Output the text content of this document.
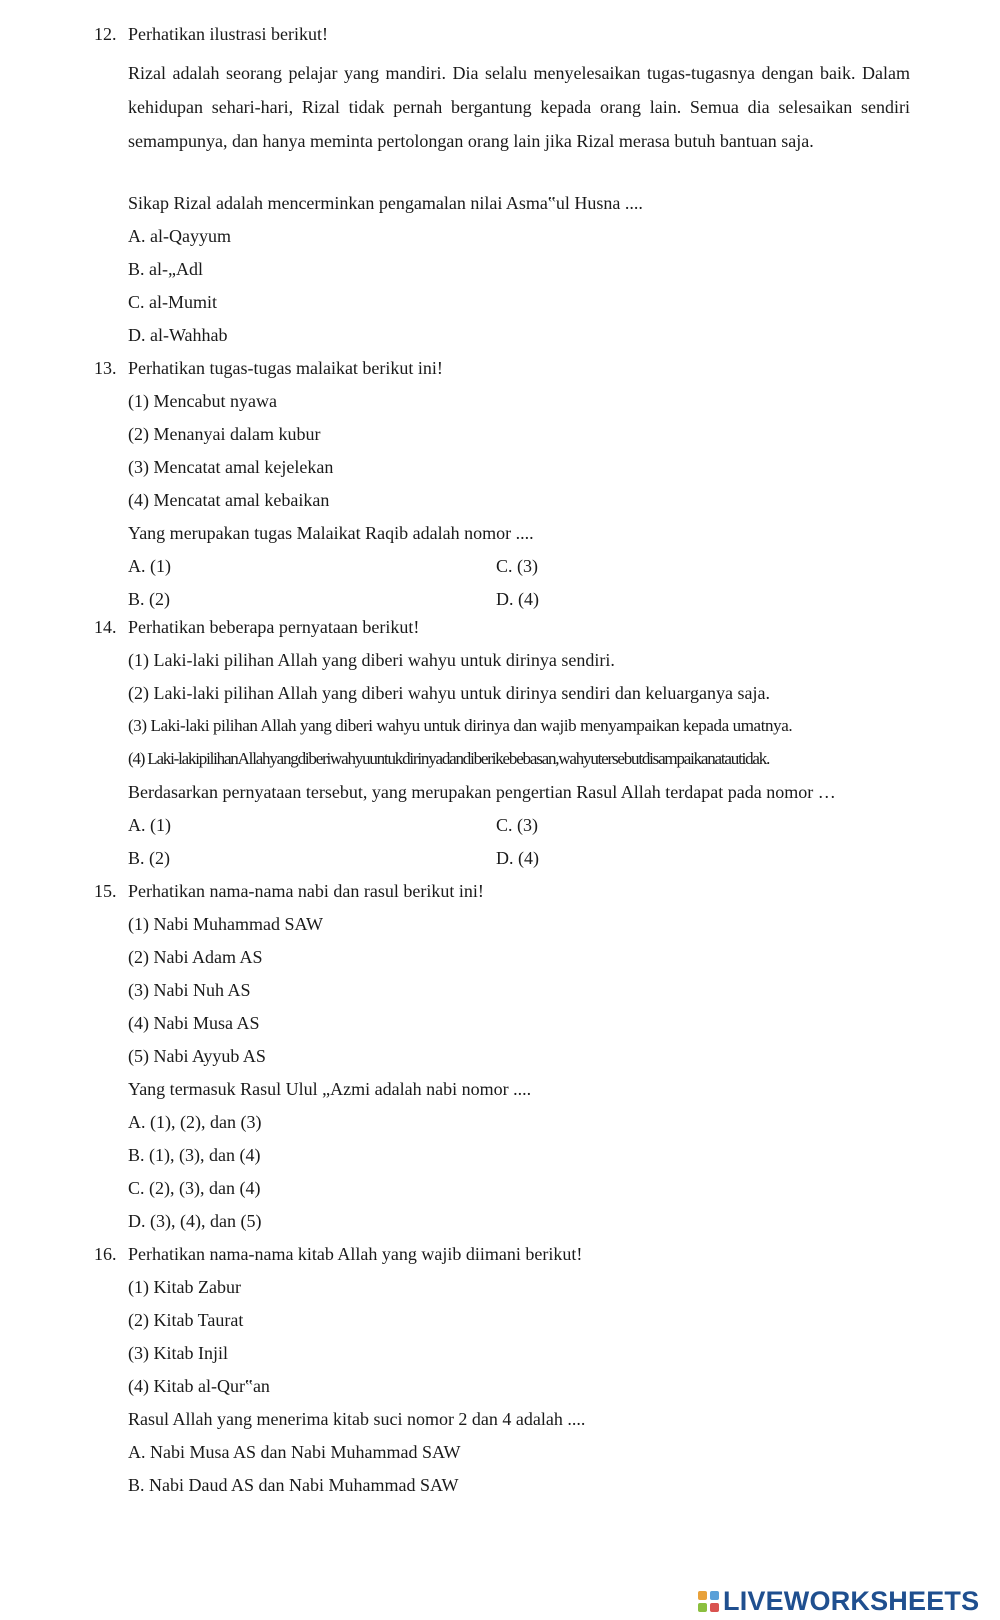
12. Perhatikan ilustrasi berikut!
Rizal adalah seorang pelajar yang mandiri. Dia selalu menyelesaikan tugas-tugasnya dengan baik. Dalam kehidupan sehari-hari, Rizal tidak pernah bergantung kepada orang lain. Semua dia selesaikan sendiri semampunya, dan hanya meminta pertolongan orang lain jika Rizal merasa butuh bantuan saja.
Sikap Rizal adalah mencerminkan pengamalan nilai Asma‟ul Husna ....
A. al-Qayyum
B. al-„Adl
C. al-Mumit
D. al-Wahhab
13. Perhatikan tugas-tugas malaikat berikut ini!
(1) Mencabut nyawa
(2) Menanyai dalam kubur
(3) Mencatat amal kejelekan
(4) Mencatat amal kebaikan
Yang merupakan tugas Malaikat Raqib adalah nomor ....
A. (1)	C. (3)
B. (2)	D. (4)
14. Perhatikan beberapa pernyataan berikut!
(1) Laki-laki pilihan Allah yang diberi wahyu untuk dirinya sendiri.
(2) Laki-laki pilihan Allah yang diberi wahyu untuk dirinya sendiri dan keluarganya saja.
(3) Laki-laki pilihan Allah yang diberi wahyu untuk dirinya dan wajib menyampaikan kepada umatnya.
(4) Laki-lakipilihanAllahyangdiberiwahyuuntukdirinyadandiberikebebasan,wahyutersebutdisampaikanatautidak.
Berdasarkan pernyataan tersebut, yang merupakan pengertian Rasul Allah terdapat pada nomor …
A. (1)	C. (3)
B. (2)	D. (4)
15. Perhatikan nama-nama nabi dan rasul berikut ini!
(1) Nabi Muhammad SAW
(2) Nabi Adam AS
(3) Nabi Nuh AS
(4) Nabi Musa AS
(5) Nabi Ayyub AS
Yang termasuk Rasul Ulul „Azmi adalah nabi nomor ....
A. (1), (2), dan (3)
B. (1), (3), dan (4)
C. (2), (3), dan (4)
D. (3), (4), dan (5)
16. Perhatikan nama-nama kitab Allah yang wajib diimani berikut!
(1) Kitab Zabur
(2) Kitab Taurat
(3) Kitab Injil
(4) Kitab al-Qur‟an
Rasul Allah yang menerima kitab suci nomor 2 dan 4 adalah ....
A. Nabi Musa AS dan Nabi Muhammad SAW
B. Nabi Daud AS dan Nabi Muhammad SAW
LIVEWORKSHEETS
